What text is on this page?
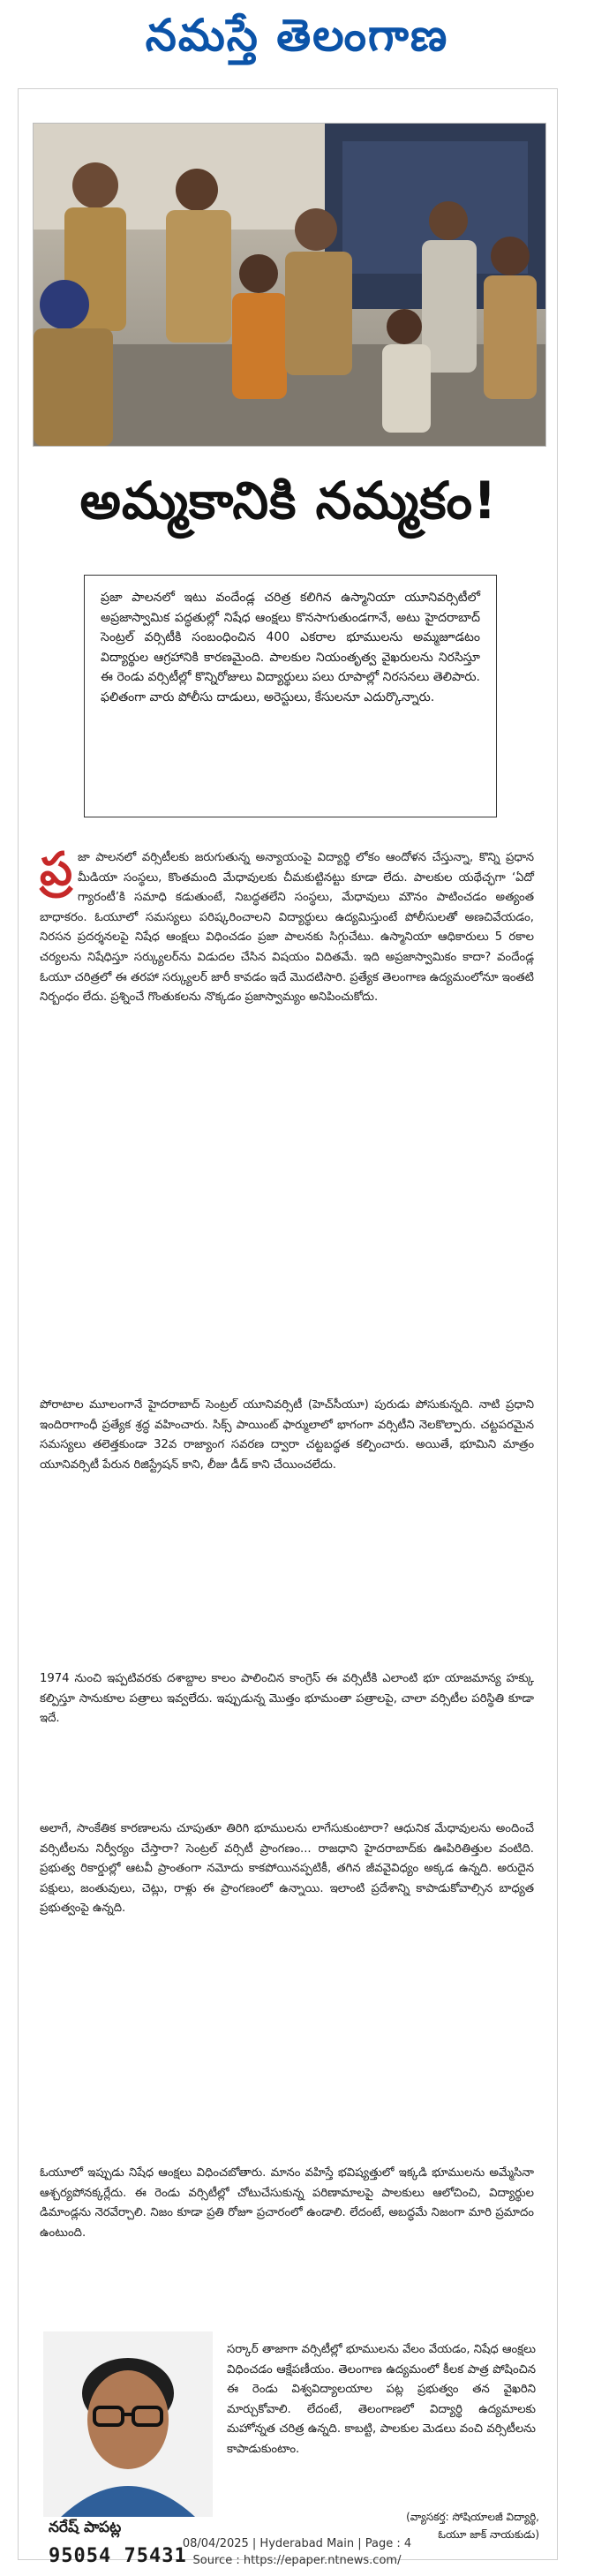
నమస్తే తెలంగాణ
అమ్మకానికి నమ్మకం!
ప్రజా పాలనలో ఇటు వందేండ్ల చరిత్ర కలిగిన ఉస్మానియా యూనివర్సిటీలో అప్రజాస్వామిక పద్ధతుల్లో నిషేధ ఆంక్షలు కొనసాగుతుండగానే, అటు హైదరాబాద్ సెంట్రల్ వర్సిటీకి సంబంధించిన 400 ఎకరాల భూములను అమ్మజూడటం విద్యార్థుల ఆగ్రహానికి కారణమైంది. పాలకుల నియంతృత్వ వైఖరులను నిరసిస్తూ ఈ రెండు వర్సిటీల్లో కొన్నిరోజులు విద్యార్థులు పలు రూపాల్లో నిరసనలు తెలిపారు. ఫలితంగా వారు పోలీసు దాడులు, అరెస్టులు, కేసులనూ ఎదుర్కొన్నారు.
ప్ర జా పాలనలో వర్సిటీలకు జరుగుతున్న అన్యాయంపై విద్యార్థి లోకం ఆందోళన చేస్తున్నా, కొన్ని ప్రధాన మీడియా సంస్థలు, కొంతమంది మేధావులకు చీమకుట్టినట్టు కూడా లేదు. పాలకుల యథేచ్ఛగా ‘ఏదో గ్యారంటీ’కి సమాధి కడుతుంటే, నిబద్ధతలేని సంస్థలు, మేధావులు మౌనం పాటించడం అత్యంత బాధాకరం. ఓయూలో సమస్యలు పరిష్కరించాలని విద్యార్థులు ఉద్యమిస్తుంటే పోలీసులతో అణచివేయడం, నిరసన ప్రదర్శనలపై నిషేధ ఆంక్షలు విధించడం ప్రజా పాలనకు సిగ్గుచేటు. ఉస్మానియా ఆధికారులు 5 రకాల చర్యలను నిషేధిస్తూ సర్క్యులర్‌ను విడుదల చేసిన విషయం విదితమే. ఇది అప్రజాస్వామికం కాదా? వందేండ్ల ఓయూ చరిత్రలో ఈ తరహా సర్క్యులర్ జారీ కావడం ఇదే మొదటిసారి. ప్రత్యేక తెలంగాణ ఉద్యమంలోనూ ఇంతటి నిర్బంధం లేదు. ప్రశ్నించే గొంతుకలను నొక్కడం ప్రజాస్వామ్యం అనిపించుకోదు.
పోరాటాల మూలంగానే హైదరాబాద్ సెంట్రల్ యూనివర్సిటీ (హెచ్‌సీయూ) పురుడు పోసుకున్నది. నాటి ప్రధాని ఇందిరాగాంధీ ప్రత్యేక శ్రద్ధ వహించారు. సిక్స్ పాయింట్ ఫార్ములాలో భాగంగా వర్సిటీని నెలకొల్పారు. చట్టపరమైన సమస్యలు తలెత్తకుండా 32వ రాజ్యాంగ సవరణ ద్వారా చట్టబద్ధత కల్పించారు. అయితే, భూమిని మాత్రం యూనివర్సిటీ పేరున రిజిస్ట్రేషన్ కాని, లీజు డీడ్ కాని చేయించలేదు.
1974 నుంచి ఇప్పటివరకు దశాబ్దాల కాలం పాలించిన కాంగ్రెస్ ఈ వర్సిటీకి ఎలాంటి భూ యాజమాన్య హక్కు కల్పిస్తూ సానుకూల పత్రాలు ఇవ్వలేదు. ఇప్పుడున్న మొత్తం భూమంతా పత్రాలపై, చాలా వర్సిటీల పరిస్థితి కూడా ఇదే.
అలాగే, సాంకేతిక కారణాలను చూపుతూ తిరిగి భూములను లాగేసుకుంటారా? ఆధునిక మేధావులను అందించే వర్సిటీలను నిర్వీర్యం చేస్తారా? సెంట్రల్ వర్సిటీ ప్రాంగణం... రాజధాని హైదరాబాద్‌కు ఊపిరితిత్తుల వంటిది. ప్రభుత్వ రికార్డుల్లో ఆటవీ ప్రాంతంగా నమోదు కాకపోయినప్పటికీ, తగిన జీవవైవిధ్యం అక్కడ ఉన్నది. అరుదైన పక్షులు, జంతువులు, చెట్లు, రాళ్లు ఈ ప్రాంగణంలో ఉన్నాయి. ఇలాంటి ప్రదేశాన్ని కాపాడుకోవాల్సిన బాధ్యత ప్రభుత్వంపై ఉన్నది.
ఓయూలో ఇప్పుడు నిషేధ ఆంక్షలు విధించబోతారు. మానం వహిస్తే భవిష్యత్తులో ఇక్కడి భూములను అమ్మేసినా ఆశ్చర్యపోనక్కర్లేదు. ఈ రెండు వర్సిటీల్లో చోటుచేసుకున్న పరిణామాలపై పాలకులు ఆలోచించి, విద్యార్థుల డిమాండ్లను నెరవేర్చాలి. నిజం కూడా ప్రతి రోజూ ప్రచారంలో ఉండాలి. లేదంటే, అబద్ధమే నిజంగా మారి ప్రమాదం ఉంటుంది.
నరేష్ పాపట్ల
95054 75431
సర్కార్ తాజాగా వర్సిటీల్లో భూములను వేలం వేయడం, నిషేధ ఆంక్షలు విధించడం ఆక్షేపణీయం. తెలంగాణ ఉద్యమంలో కీలక పాత్ర పోషించిన ఈ రెండు విశ్వవిద్యాలయాల పట్ల ప్రభుత్వం తన వైఖరిని మార్చుకోవాలి. లేదంటే, తెలంగాణలో విద్యార్థి ఉద్యమాలకు మహోన్నత చరిత్ర ఉన్నది. కాబట్టి, పాలకుల మెడలు వంచి వర్సిటీలను కాపాడుకుంటాం.
(వ్యాసకర్త: సోషియాలజీ విద్యార్థి,
ఓయూ జాక్ నాయకుడు)
08/04/2025 | Hyderabad Main | Page : 4
Source : https://epaper.ntnews.com/
